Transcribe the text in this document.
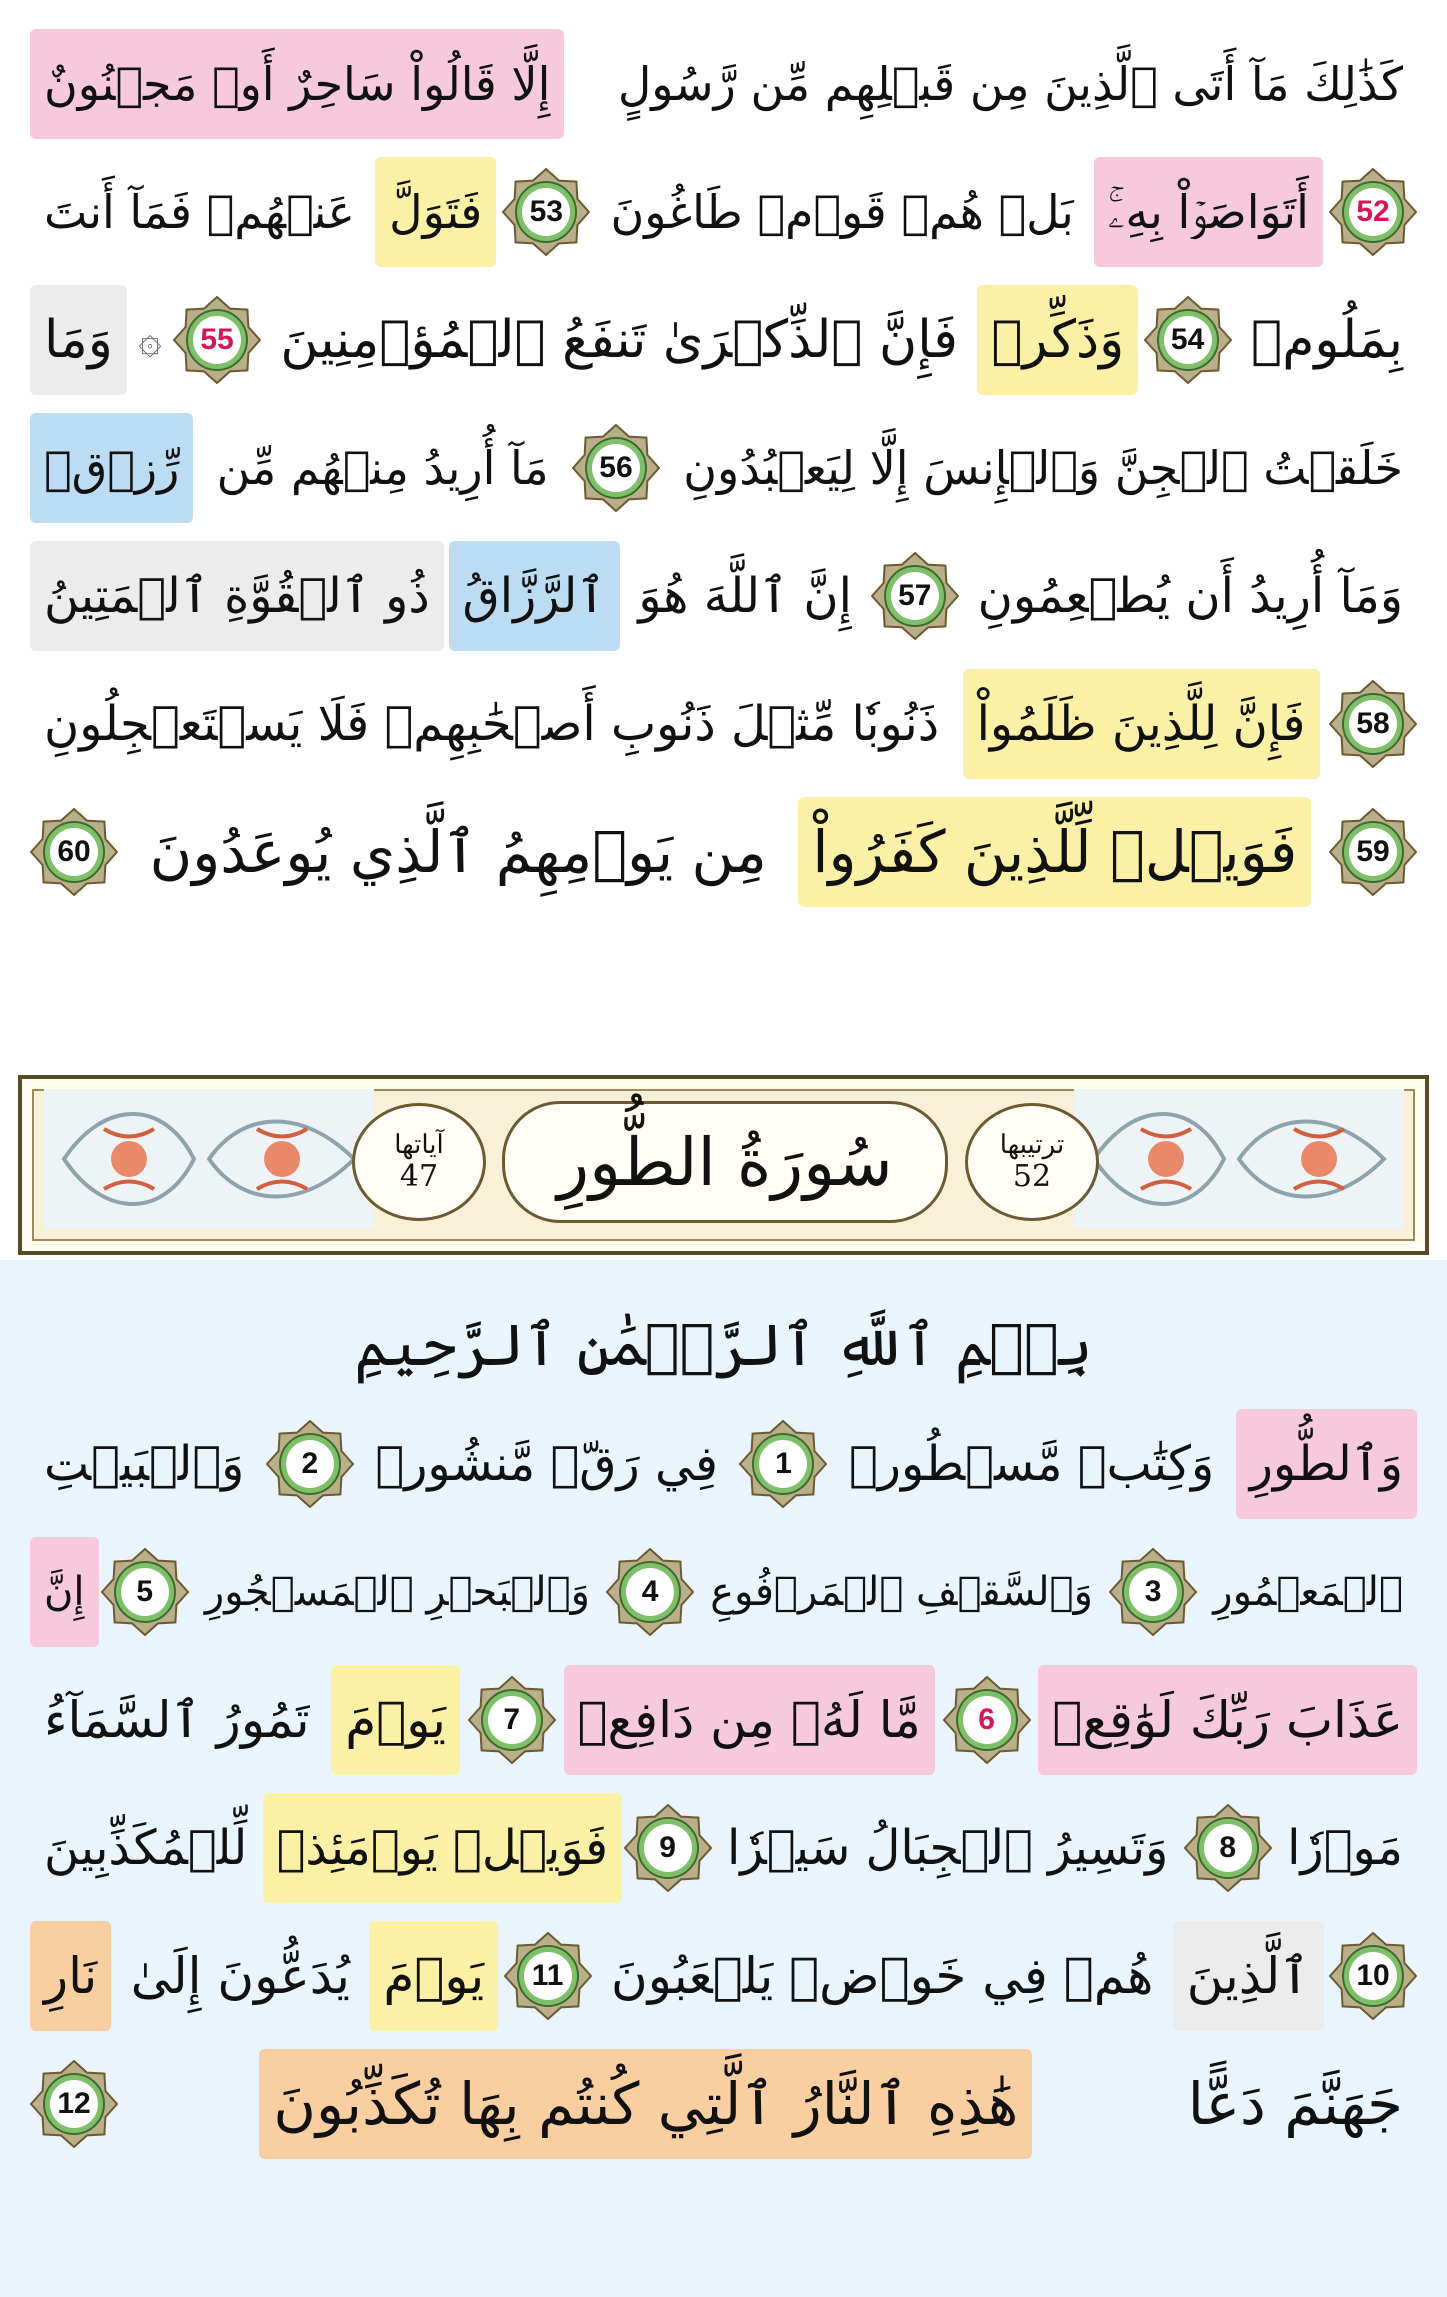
كَذَٰلِكَ مَآ أَتَى ٱلَّذِينَ مِن قَبۡلِهِم مِّن رَّسُولٍ
إِلَّا قَالُواْ سَاحِرٌ أَوۡ مَجۡنُونٌ
52
أَتَوَاصَوۡاْ بِهِۦۚ
بَلۡ هُمۡ قَوۡمٞ طَاغُونَ
53
فَتَوَلَّ
عَنۡهُمۡ فَمَآ أَنتَ
بِمَلُومٖ
54
وَذَكِّرۡ
فَإِنَّ ٱلذِّكۡرَىٰ تَنفَعُ ٱلۡمُؤۡمِنِينَ
55
۞
وَمَا
خَلَقۡتُ ٱلۡجِنَّ وَٱلۡإِنسَ إِلَّا لِيَعۡبُدُونِ
56
مَآ أُرِيدُ مِنۡهُم مِّن
رِّزۡقٖ
وَمَآ أُرِيدُ أَن يُطۡعِمُونِ
57
إِنَّ ٱللَّهَ هُوَ
ٱلرَّزَّاقُ
ذُو ٱلۡقُوَّةِ ٱلۡمَتِينُ
58
فَإِنَّ لِلَّذِينَ ظَلَمُواْ
ذَنُوبٗا مِّثۡلَ ذَنُوبِ أَصۡحَٰبِهِمۡ فَلَا يَسۡتَعۡجِلُونِ
59
فَوَيۡلٞ لِّلَّذِينَ كَفَرُواْ
مِن يَوۡمِهِمُ ٱلَّذِي يُوعَدُونَ
60
آياتها
47	سُورَةُ الطُّورِ	ترتيبها
52
بِسۡمِ ٱللَّهِ ٱلرَّحۡمَٰنِ ٱلرَّحِيمِ
وَٱلطُّورِ
وَكِتَٰبٖ مَّسۡطُورٖ
1
فِي رَقّٖ مَّنشُورٖ
2
وَٱلۡبَيۡتِ
ٱلۡمَعۡمُورِ
3
وَٱلسَّقۡفِ ٱلۡمَرۡفُوعِ
4
وَٱلۡبَحۡرِ ٱلۡمَسۡجُورِ
5
إِنَّ
عَذَابَ رَبِّكَ لَوَٰقِعٞ
6
مَّا لَهُۥ مِن دَافِعٖ
7
يَوۡمَ
تَمُورُ ٱلسَّمَآءُ
مَوۡرٗا
8
وَتَسِيرُ ٱلۡجِبَالُ سَيۡرٗا
9
فَوَيۡلٞ يَوۡمَئِذٖ
لِّلۡمُكَذِّبِينَ
10
ٱلَّذِينَ
هُمۡ فِي خَوۡضٖ يَلۡعَبُونَ
11
يَوۡمَ
يُدَعُّونَ إِلَىٰ
نَارِ
جَهَنَّمَ دَعًّا
هَٰذِهِ ٱلنَّارُ ٱلَّتِي كُنتُم بِهَا تُكَذِّبُونَ
12
